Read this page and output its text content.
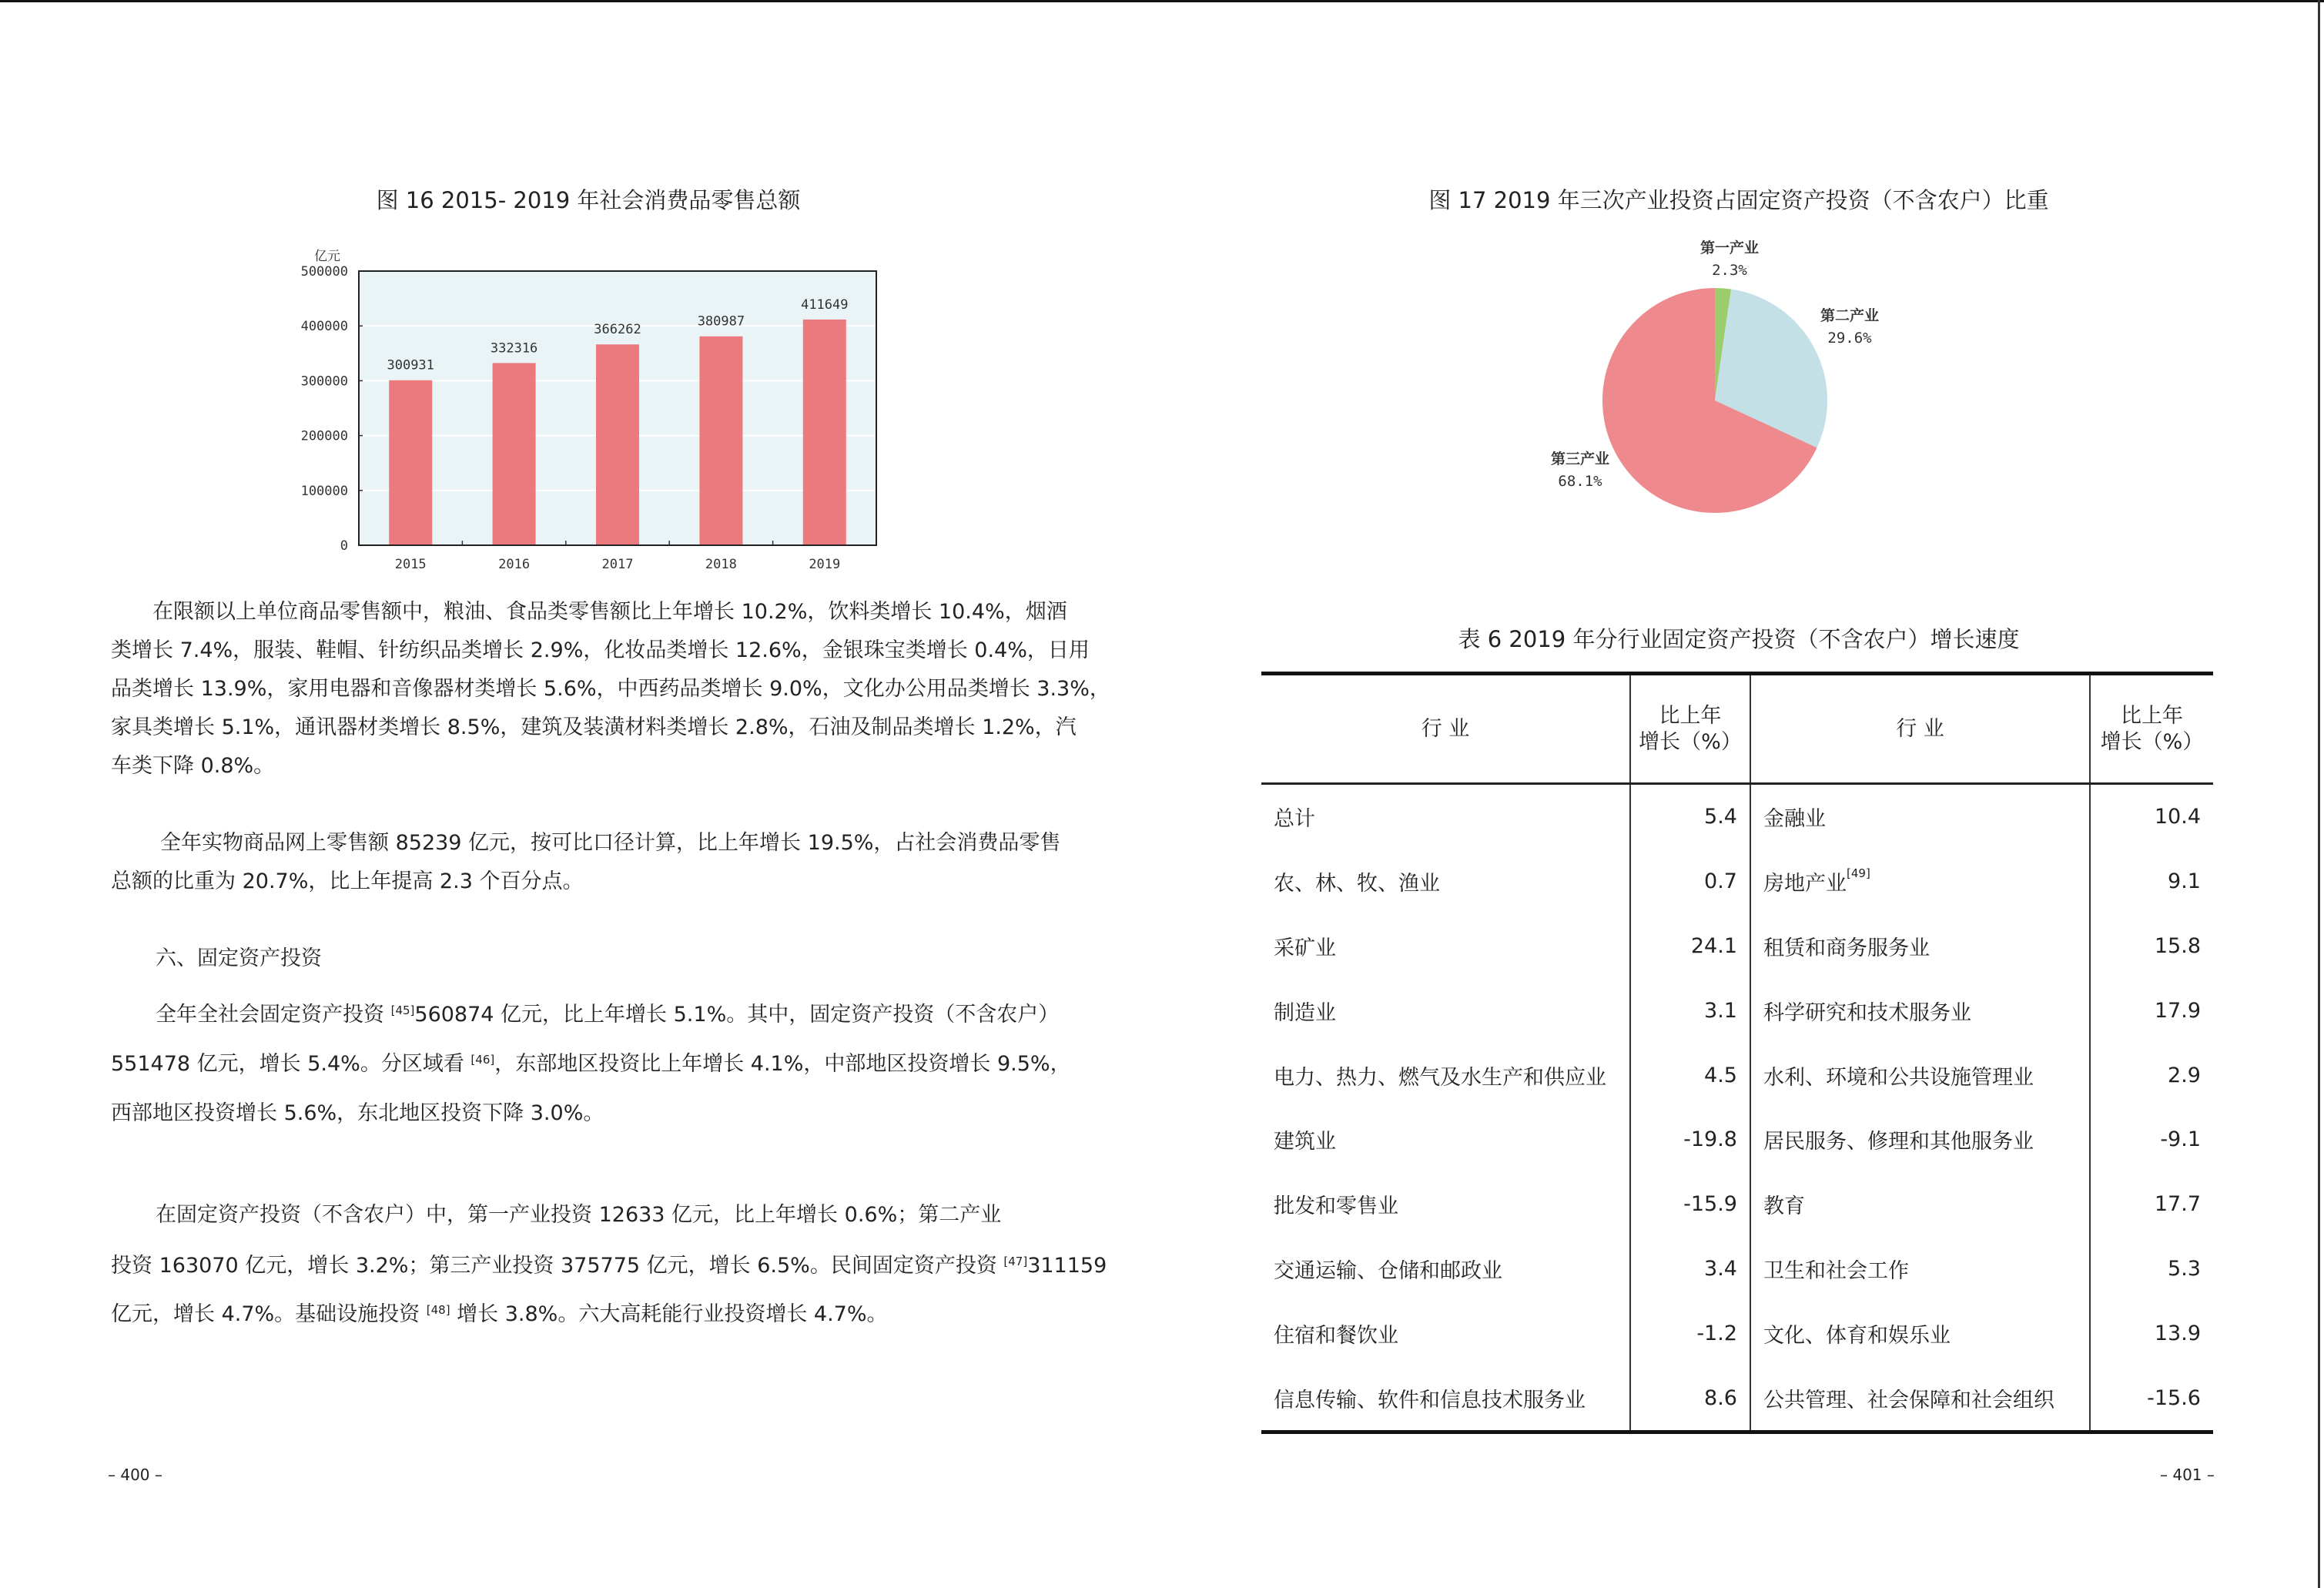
图 16 2015- 2019 年社会消费品零售总额
亿元
0
100000
200000
300000
400000
500000
300931
2015
332316
2016
366262
2017
380987
2018
411649
2019
在限额以上单位商品零售额中，粮油、食品类零售额比上年增长 10.2%，饮料类增长 10.4%，烟酒
类增长 7.4%，服装、鞋帽、针纺织品类增长 2.9%，化妆品类增长 12.6%，金银珠宝类增长 0.4%，日用
品类增长 13.9%，家用电器和音像器材类增长 5.6%，中西药品类增长 9.0%，文化办公用品类增长 3.3%，
家具类增长 5.1%，通讯器材类增长 8.5%，建筑及装潢材料类增长 2.8%，石油及制品类增长 1.2%，汽
车类下降 0.8%。
全年实物商品网上零售额 85239 亿元，按可比口径计算，比上年增长 19.5%，占社会消费品零售
总额的比重为 20.7%，比上年提高 2.3 个百分点。
六、固定资产投资
全年全社会固定资产投资 [45]560874 亿元，比上年增长 5.1%。其中，固定资产投资（不含农户）
551478 亿元，增长 5.4%。分区域看 [46]，东部地区投资比上年增长 4.1%，中部地区投资增长 9.5%，
西部地区投资增长 5.6%，东北地区投资下降 3.0%。
在固定资产投资（不含农户）中，第一产业投资 12633 亿元，比上年增长 0.6%；第二产业
投资 163070 亿元，增长 3.2%；第三产业投资 375775 亿元，增长 6.5%。民间固定资产投资 [47]311159
亿元，增长 4.7%。基础设施投资 [48] 增长 3.8%。六大高耗能行业投资增长 4.7%。
– 400 –
图 17 2019 年三次产业投资占固定资产投资（不含农户）比重
第一产业
2.3%
第二产业
29.6%
第三产业
68.1%
表 6 2019 年分行业固定资产投资（不含农户）增长速度
行 业	比上年
增长（%）	行 业	比上年
增长（%）
总计	5.4	金融业	10.4
农、林、牧、渔业	0.7	房地产业[49]	9.1
采矿业	24.1	租赁和商务服务业	15.8
制造业	3.1	科学研究和技术服务业	17.9
电力、热力、燃气及水生产和供应业	4.5	水利、环境和公共设施管理业	2.9
建筑业	-19.8	居民服务、修理和其他服务业	-9.1
批发和零售业	-15.9	教育	17.7
交通运输、仓储和邮政业	3.4	卫生和社会工作	5.3
住宿和餐饮业	-1.2	文化、体育和娱乐业	13.9
信息传输、软件和信息技术服务业	8.6	公共管理、社会保障和社会组织	-15.6
– 401 –
